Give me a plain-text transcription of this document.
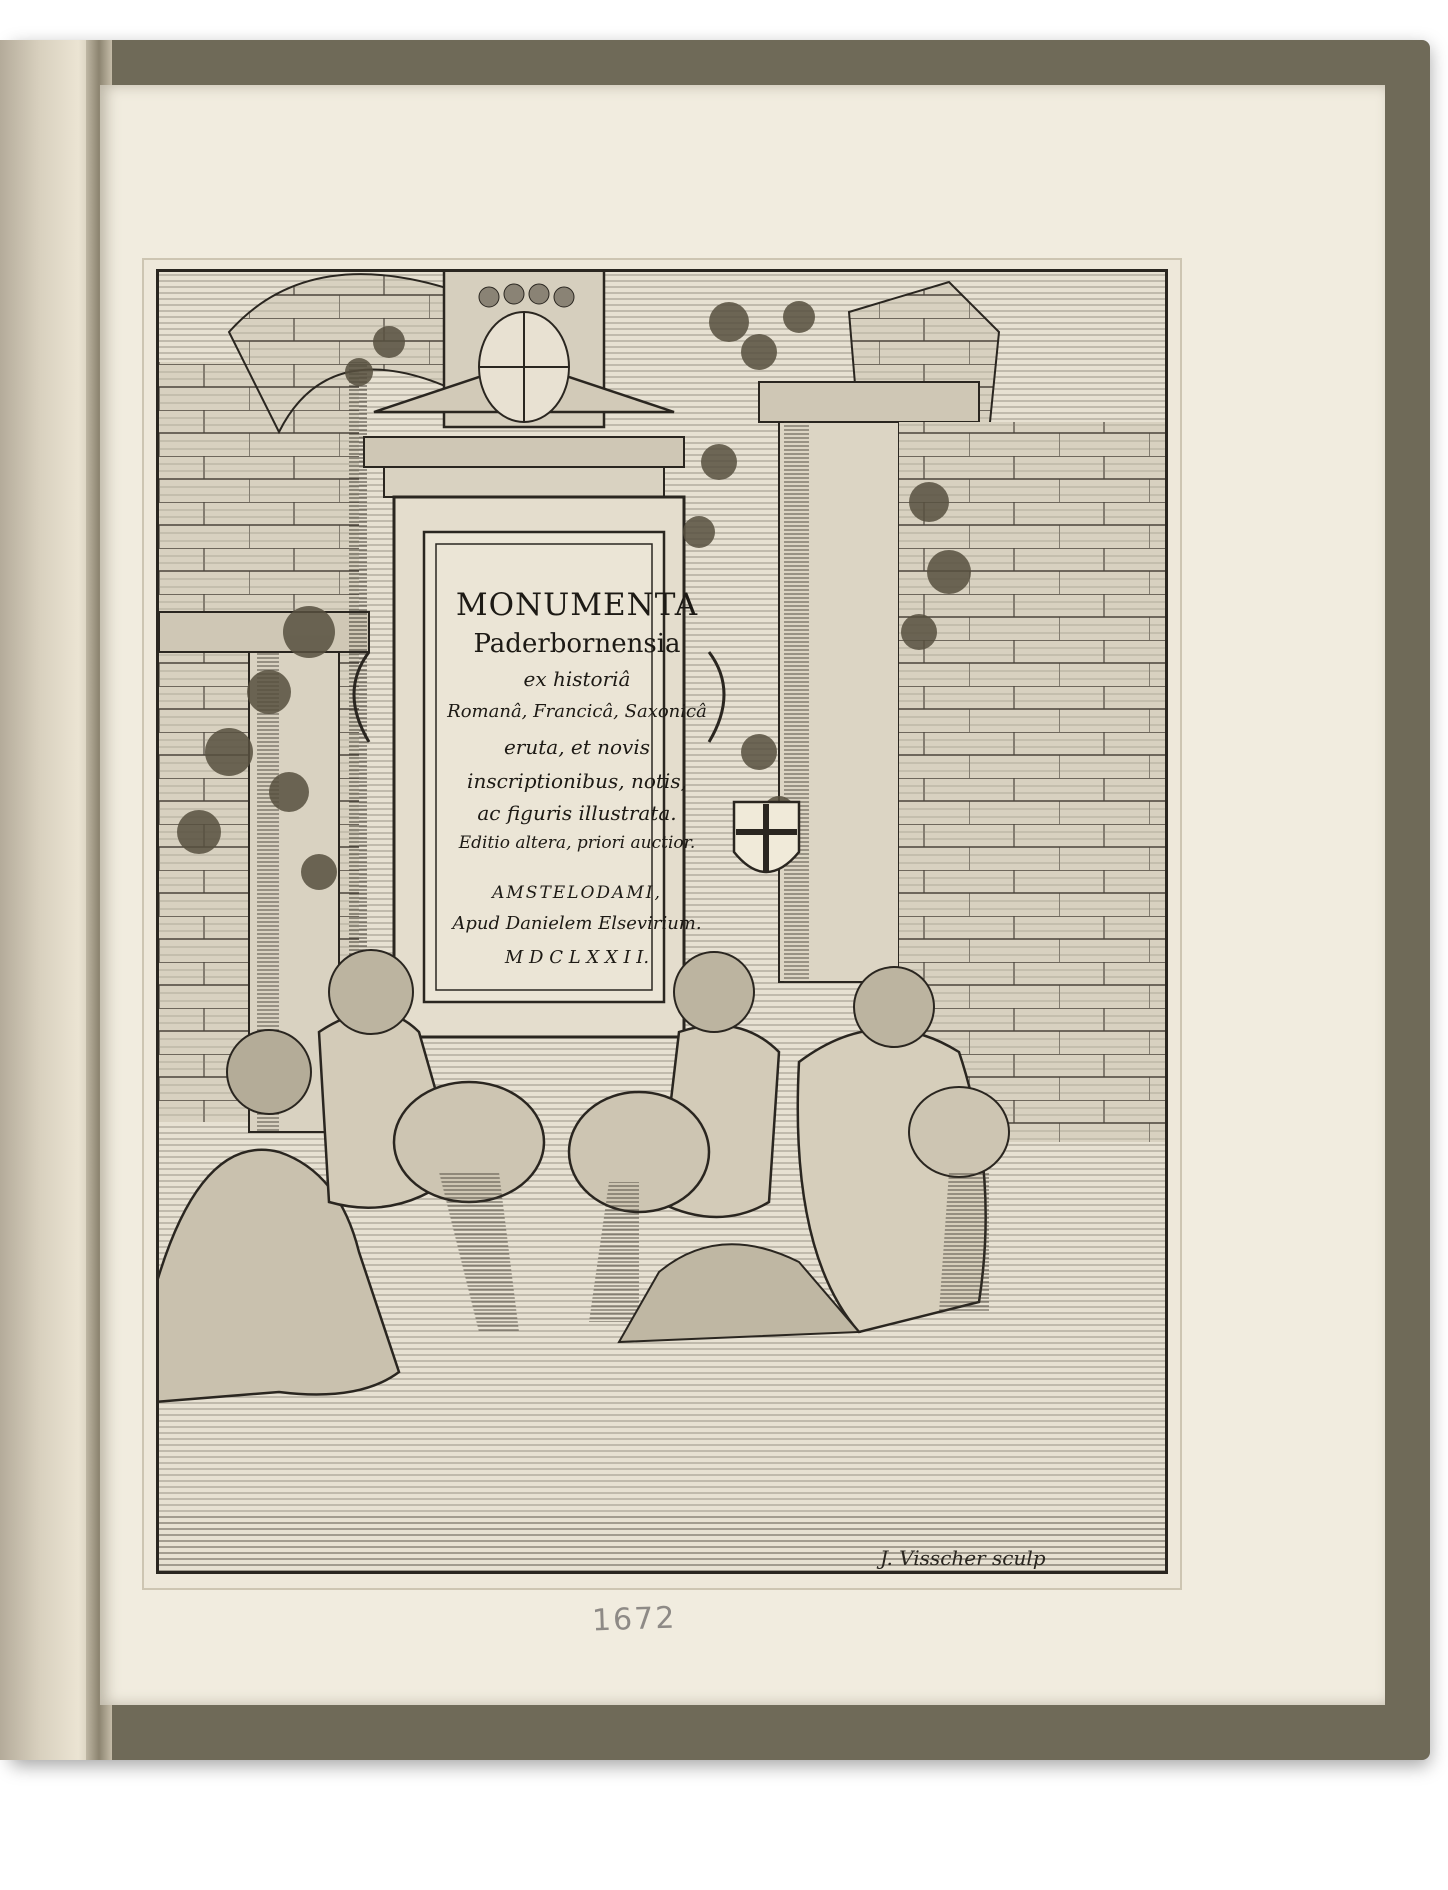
MONUMENTA
Paderbornensia
ex historiâ
Romanâ, Francicâ, Saxonicâ
eruta, et novis
inscriptionibus, notis,
ac figuris illustrata.
Editio altera, priori auctior.
AMSTELODAMI,
Apud Danielem Elsevirium.
M D C L X X I I.
J. Visscher sculp
1672
